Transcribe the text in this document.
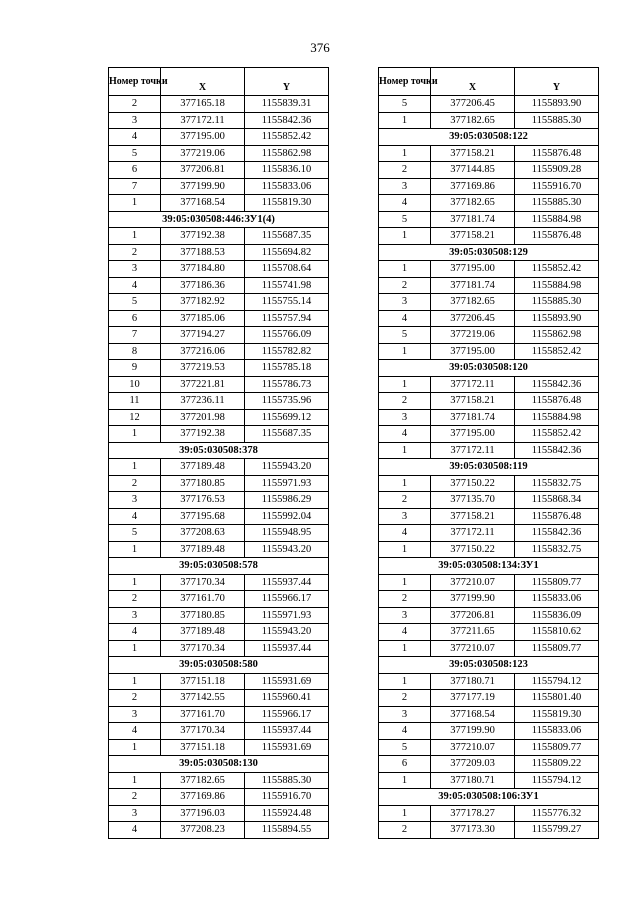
376
Номер точки	X	Y
2	377165.18	1155839.31
3	377172.11	1155842.36
4	377195.00	1155852.42
5	377219.06	1155862.98
6	377206.81	1155836.10
7	377199.90	1155833.06
1	377168.54	1155819.30
39:05:030508:446:ЗУ1(4)		
1	377192.38	1155687.35
2	377188.53	1155694.82
3	377184.80	1155708.64
4	377186.36	1155741.98
5	377182.92	1155755.14
6	377185.06	1155757.94
7	377194.27	1155766.09
8	377216.06	1155782.82
9	377219.53	1155785.18
10	377221.81	1155786.73
11	377236.11	1155735.96
12	377201.98	1155699.12
1	377192.38	1155687.35
39:05:030508:378		
1	377189.48	1155943.20
2	377180.85	1155971.93
3	377176.53	1155986.29
4	377195.68	1155992.04
5	377208.63	1155948.95
1	377189.48	1155943.20
39:05:030508:578		
1	377170.34	1155937.44
2	377161.70	1155966.17
3	377180.85	1155971.93
4	377189.48	1155943.20
1	377170.34	1155937.44
39:05:030508:580		
1	377151.18	1155931.69
2	377142.55	1155960.41
3	377161.70	1155966.17
4	377170.34	1155937.44
1	377151.18	1155931.69
39:05:030508:130		
1	377182.65	1155885.30
2	377169.86	1155916.70
3	377196.03	1155924.48
4	377208.23	1155894.55
Номер точки	X	Y
5	377206.45	1155893.90
1	377182.65	1155885.30
39:05:030508:122		
1	377158.21	1155876.48
2	377144.85	1155909.28
3	377169.86	1155916.70
4	377182.65	1155885.30
5	377181.74	1155884.98
1	377158.21	1155876.48
39:05:030508:129		
1	377195.00	1155852.42
2	377181.74	1155884.98
3	377182.65	1155885.30
4	377206.45	1155893.90
5	377219.06	1155862.98
1	377195.00	1155852.42
39:05:030508:120		
1	377172.11	1155842.36
2	377158.21	1155876.48
3	377181.74	1155884.98
4	377195.00	1155852.42
1	377172.11	1155842.36
39:05:030508:119		
1	377150.22	1155832.75
2	377135.70	1155868.34
3	377158.21	1155876.48
4	377172.11	1155842.36
1	377150.22	1155832.75
39:05:030508:134:ЗУ1		
1	377210.07	1155809.77
2	377199.90	1155833.06
3	377206.81	1155836.09
4	377211.65	1155810.62
1	377210.07	1155809.77
39:05:030508:123		
1	377180.71	1155794.12
2	377177.19	1155801.40
3	377168.54	1155819.30
4	377199.90	1155833.06
5	377210.07	1155809.77
6	377209.03	1155809.22
1	377180.71	1155794.12
39:05:030508:106:ЗУ1		
1	377178.27	1155776.32
2	377173.30	1155799.27
